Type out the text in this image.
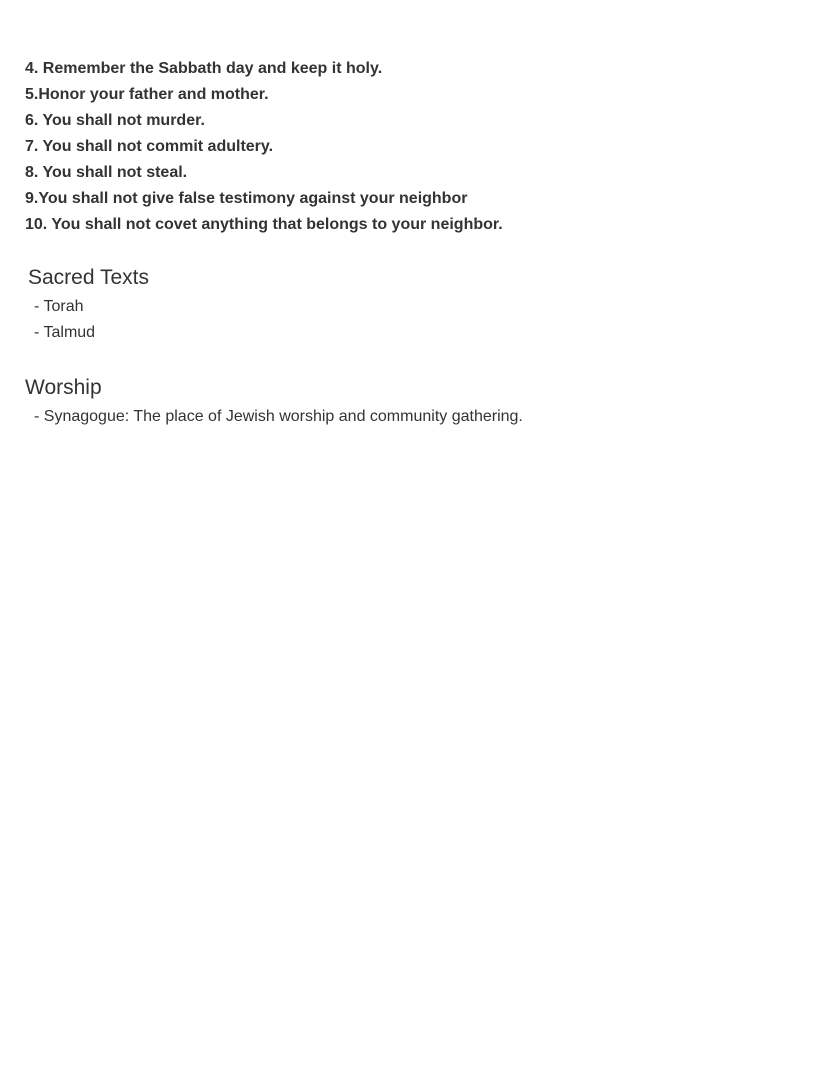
4. Remember the Sabbath day and keep it holy.
5.Honor your father and mother.
6. You shall not murder.
7. You shall not commit adultery.
8. You shall not steal.
9.You shall not give false testimony against your neighbor
10. You shall not covet anything that belongs to your neighbor.
Sacred Texts
- Torah
- Talmud
Worship
- Synagogue: The place of Jewish worship and community gathering.
